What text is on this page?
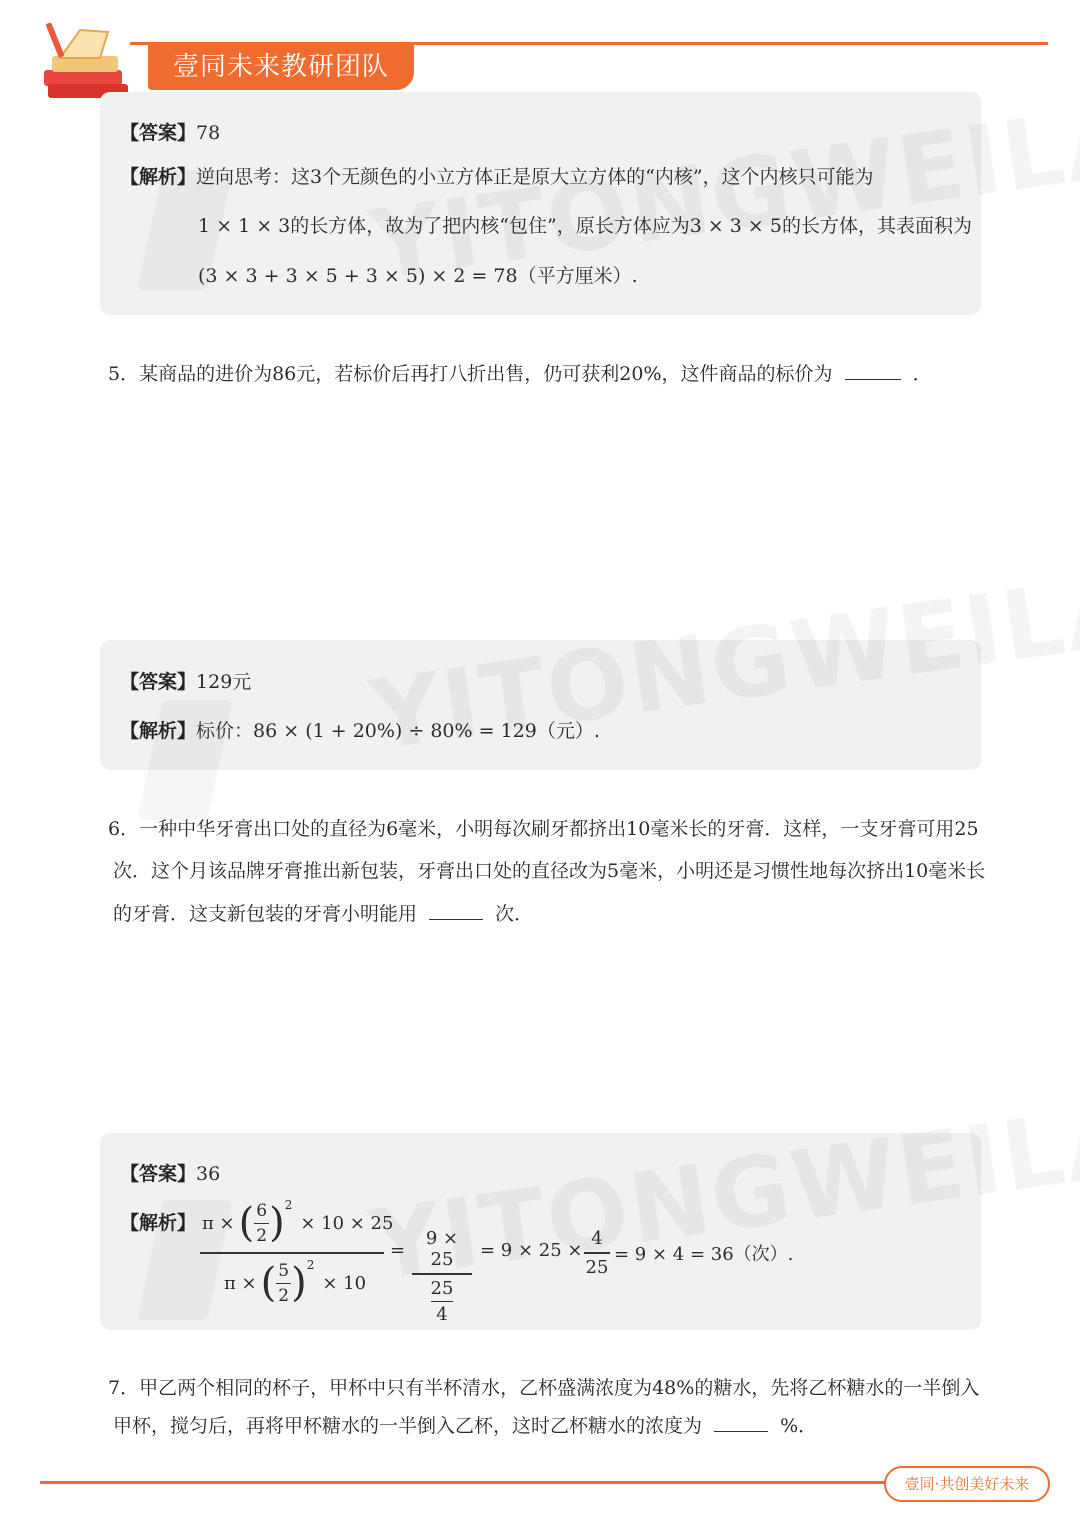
壹同未来教研团队
【答案】78
【解析】逆向思考：这3个无颜色的小立方体正是原大立方体的“内核”，这个内核只可能为
1 × 1 × 3的长方体，故为了把内核“包住”，原长方体应为3 × 3 × 5的长方体，其表面积为
(3 × 3 + 3 × 5 + 3 × 5) × 2 = 78（平方厘米）.
5．某商品的进价为86元，若标价后再打八折出售，仍可获利20%，这件商品的标价为	．
【答案】129元
【解析】标价：86 × (1 + 20%) ÷ 80% = 129（元）.
6．一种中华牙膏出口处的直径为6毫米，小明每次刷牙都挤出10毫米长的牙膏．这样，一支牙膏可用25
次．这个月该品牌牙膏推出新包装，牙膏出口处的直径改为5毫米，小明还是习惯性地每次挤出10毫米长
的牙膏．这支新包装的牙膏小明能用	次．
【答案】36
【解析】 π × ( $\frac{6}{2} )^2$
× 10 × 25
π × ( $\frac{5}{2} )^2$
× 10
=
9 × 25
$\frac{25}{4}$
= 9 × 25 ×
4
25
= 9 × 4 = 36（次）.
7．甲乙两个相同的杯子，甲杯中只有半杯清水，乙杯盛满浓度为48%的糖水，先将乙杯糖水的一半倒入
甲杯，搅匀后，再将甲杯糖水的一半倒入乙杯，这时乙杯糖水的浓度为	%．
壹同·共创美好未来
